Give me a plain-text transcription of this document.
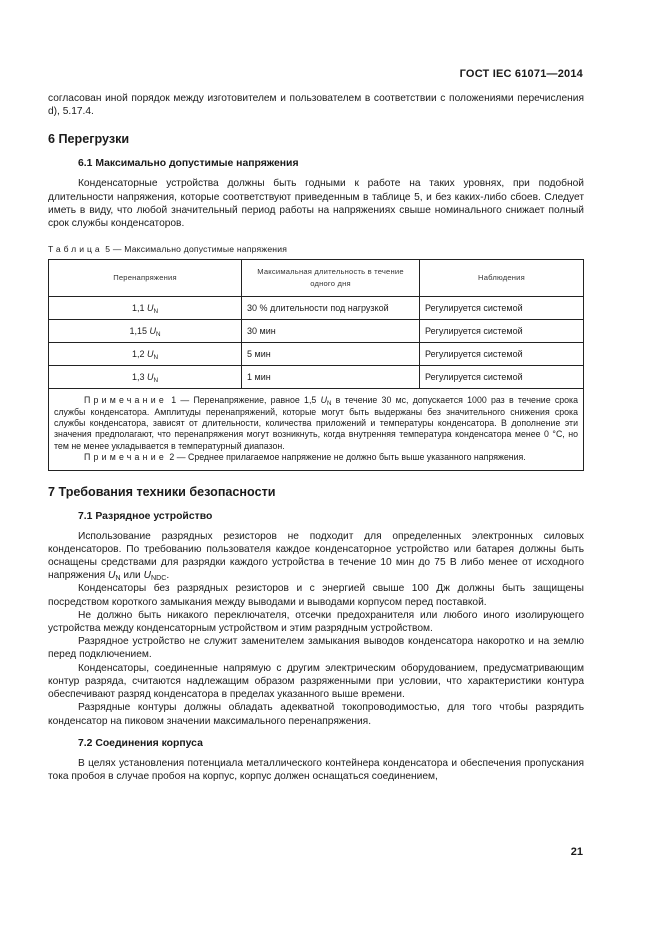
ГОСТ IEC 61071—2014

согласован иной порядок между изготовителем и пользователем в соответствии с положениями перечисления d), 5.17.4.

6 Перегрузки
6.1 Максимально допустимые напряжения

Конденсаторные устройства должны быть годными к работе на таких уровнях, при подобной длительности напряжения, которые соответствуют приведенным в таблице 5, и без каких-либо сбоев. Следует иметь в виду, что любой значительный период работы на напряжениях свыше номинального снижает полный срок службы конденсаторов.

Таблица 5 — Максимально допустимые напряжения
Перенапряжения	Максимальная длительность в течение одного дня	Наблюдения
1,1 $U_N$	30 % длительности под нагрузкой	Регулируется системой
1,15 $U_N$	30 мин	Регулируется системой
1,2 $U_N$	5 мин	Регулируется системой
1,3 $U_N$	1 мин	Регулируется системой

Примечание 1 — Перенапряжение, равное 1,5 $U_N$ в течение 30 мс, допускается 1000 раз в течение срока службы конденсатора. Амплитуды перенапряжений, которые могут быть выдержаны без значительного снижения срока службы конденсатора, зависят от длительности, количества приложений и температуры конденсатора. В дополнение эти значения предполагают, что перенапряжения могут возникнуть, когда внутренняя температура конденсатора менее 0 °С, но тем не менее укладывается в температурный диапазон.
Примечание 2 — Среднее прилагаемое напряжение не должно быть выше указанного напряжения.		
7 Требования техники безопасности
7.1 Разрядное устройство

Использование разрядных резисторов не подходит для определенных электронных силовых конденсаторов. По требованию пользователя каждое конденсаторное устройство или батарея должны быть оснащены средствами для разрядки каждого устройства в течение 10 мин до 75 В либо менее от исходного напряжения $U_N$ или $U_{NDC}$.

Конденсаторы без разрядных резисторов и с энергией свыше 100 Дж должны быть защищены посредством короткого замыкания между выводами и выводами корпусом перед поставкой.

Не должно быть никакого переключателя, отсечки предохранителя или любого иного изолирующего устройства между конденсаторным устройством и этим разрядным устройством.

Разрядное устройство не служит заменителем замыкания выводов конденсатора накоротко и на землю перед подключением.

Конденсаторы, соединенные напрямую с другим электрическим оборудованием, предусматривающим контур разряда, считаются надлежащим образом разряженными при условии, что характеристики контура обеспечивают разряд конденсатора в пределах указанного выше времени.

Разрядные контуры должны обладать адекватной токопроводимостью, для того чтобы разрядить конденсатор на пиковом значении максимального перенапряжения.

7.2 Соединения корпуса

В целях установления потенциала металлического контейнера конденсатора и обеспечения пропускания тока пробоя в случае пробоя на корпус, корпус должен оснащаться соединением,

21
